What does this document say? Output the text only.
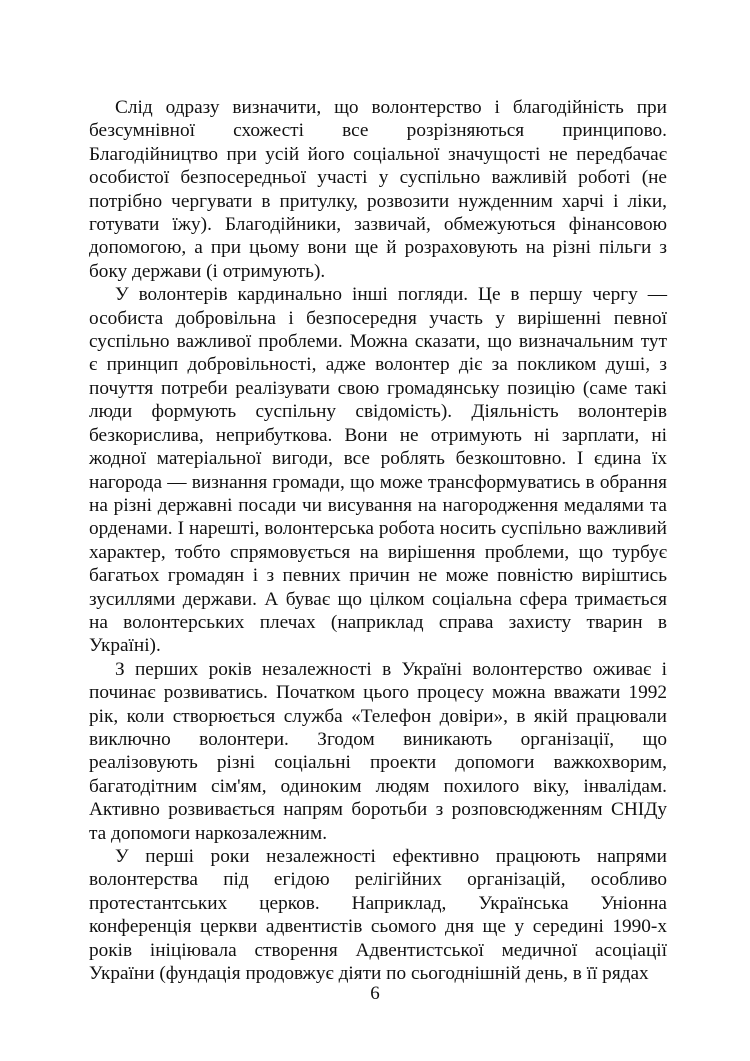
Слід одразу визначити, що волонтерство і благодійність при
безсумнівної схожесті все розрізняються принципово.
Благодійництво при усій його соціальної значущості не передбачає
особистої безпосередньої участі у суспільно важливій роботі (не
потрібно чергувати в притулку, розвозити нужденним харчі і ліки,
готувати їжу). Благодійники, зазвичай, обмежуються фінансовою
допомогою, а при цьому вони ще й розраховують на різні пільги з
боку держави (і отримують).
У волонтерів кардинально інші погляди. Це в першу чергу —
особиста добровільна і безпосередня участь у вирішенні певної
суспільно важливої проблеми. Можна сказати, що визначальним тут
є принцип добровільності, адже волонтер діє за покликом душі, з
почуття потреби реалізувати свою громадянську позицію (саме такі
люди формують суспільну свідомість). Діяльність волонтерів
безкорислива, неприбуткова. Вони не отримують ні зарплати, ні
жодної матеріальної вигоди, все роблять безкоштовно. І єдина їх
нагорода — визнання громади, що може трансформуватись в обрання
на різні державні посади чи висування на нагородження медалями та
орденами. І нарешті, волонтерська робота носить суспільно важливий
характер, тобто спрямовується на вирішення проблеми, що турбує
багатьох громадян і з певних причин не може повністю виріштись
зусиллями держави. А буває що цілком соціальна сфера тримається
на волонтерських плечах (наприклад справа захисту тварин в
Україні).
З перших років незалежності в Україні волонтерство оживає і
починає розвиватись. Початком цього процесу можна вважати 1992
рік, коли створюється служба «Телефон довіри», в якій працювали
виключно волонтери. Згодом виникають організації, що
реалізовують різні соціальні проекти допомоги важкохворим,
багатодітним сім'ям, одиноким людям похилого віку, інвалідам.
Активно розвивається напрям боротьби з розповсюдженням СНІДу
та допомоги наркозалежним.
У перші роки незалежності ефективно працюють напрями
волонтерства під егідою релігійних організацій, особливо
протестантських церков. Наприклад, Українська Уніонна
конференція церкви адвентистів сьомого дня ще у середині 1990-х
років ініціювала створення Адвентистської медичної асоціації
України (фундація продовжує діяти по сьогоднішній день, в її рядах
6
